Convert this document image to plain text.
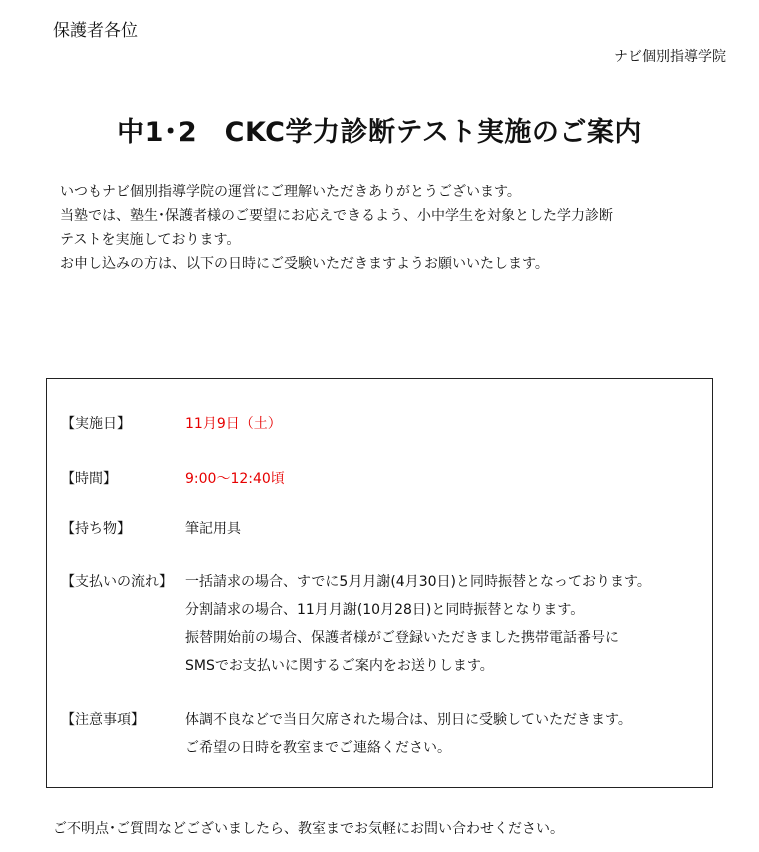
保護者各位
ナビ個別指導学院
中1･2　CKC学力診断テスト実施のご案内
いつもナビ個別指導学院の運営にご理解いただきありがとうございます。
当塾では、塾生･保護者様のご要望にお応えできるよう、小中学生を対象とした学力診断
テストを実施しております。
お申し込みの方は、以下の日時にご受験いただきますようお願いいたします。
【実施日】	11月9日（土）
【時間】	9:00～12:40頃
【持ち物】	筆記用具
【支払いの流れ】 一括請求の場合、すでに5月月謝(4月30日)と同時振替となっております。
分割請求の場合、11月月謝(10月28日)と同時振替となります。
振替開始前の場合、保護者様がご登録いただきました携帯電話番号に
SMSでお支払いに関するご案内をお送りします。
【注意事項】	体調不良などで当日欠席された場合は、別日に受験していただきます。
ご希望の日時を教室までご連絡ください。
ご不明点･ご質問などございましたら、教室までお気軽にお問い合わせください。
